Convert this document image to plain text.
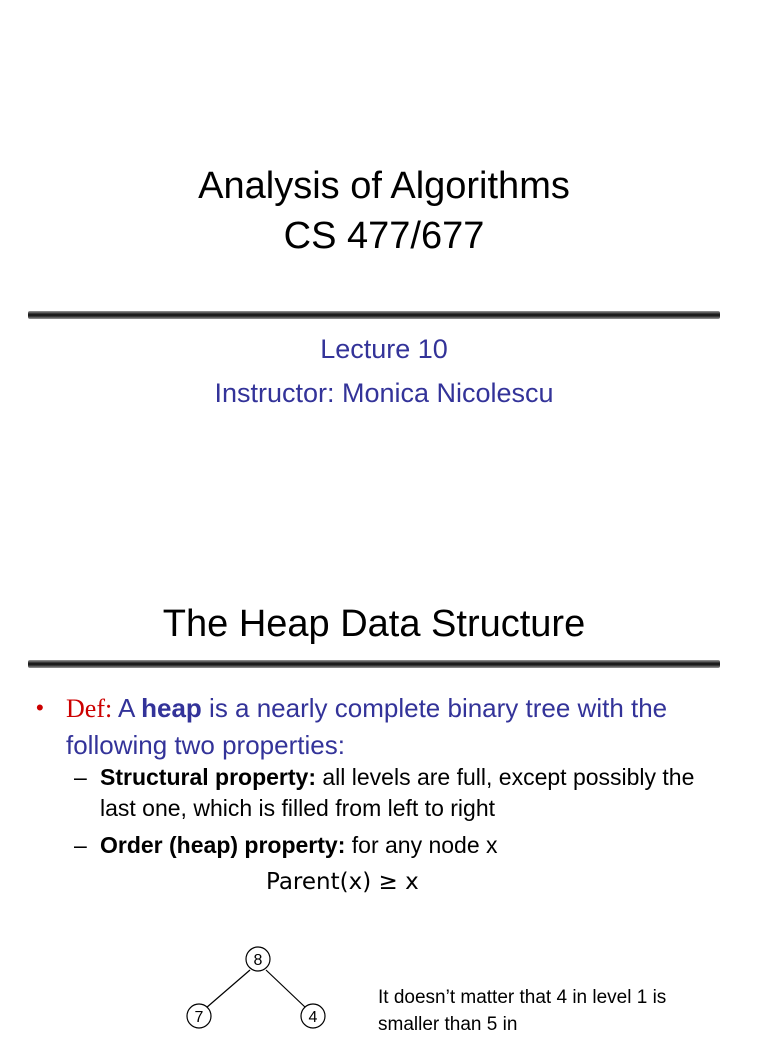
Analysis of Algorithms
CS 477/677
Lecture 10
Instructor: Monica Nicolescu
The Heap Data Structure
• Def: A heap is a nearly complete binary tree with the following two properties:
– Structural property: all levels are full, except possibly the last one, which is filled from left to right
– Order (heap) property: for any node x
Parent(x) ≥ x
8
7	4
It doesn’t matter that 4 in level 1 is smaller than 5 in
